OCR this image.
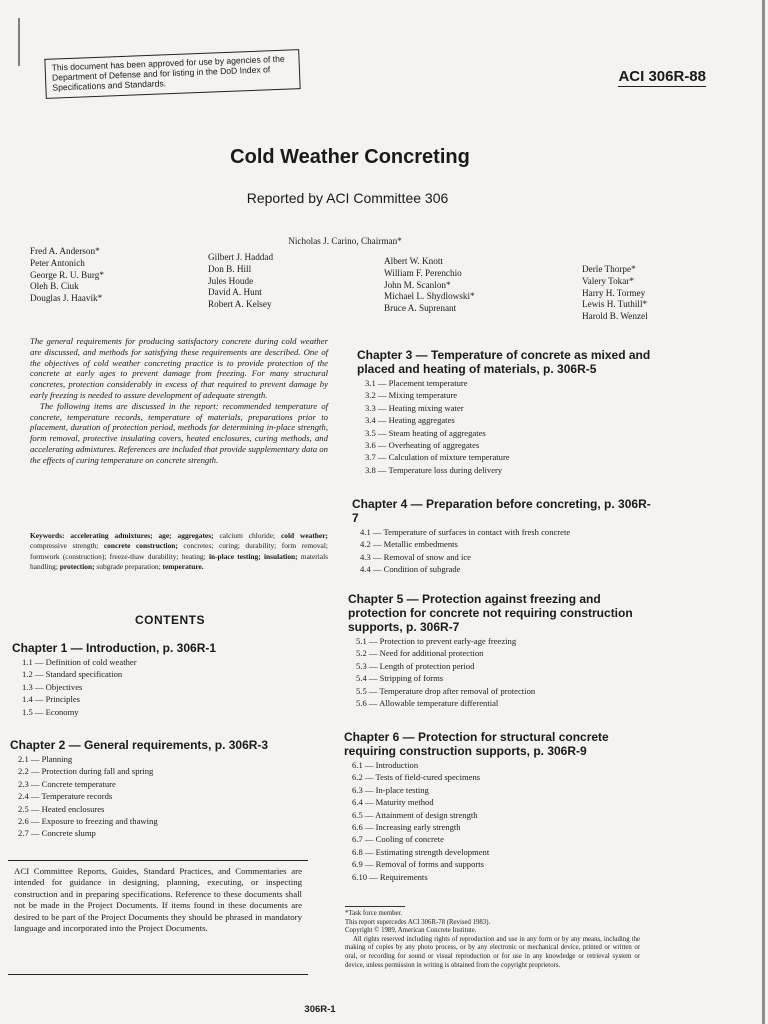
This document has been approved for use by agencies of the Department of Defense and for listing in the DoD Index of Specifications and Standards.
ACI 306R-88
Cold Weather Concreting
Reported by ACI Committee 306
Nicholas J. Carino, Chairman*
Fred A. Anderson*
Peter Antonich
George R. U. Burg*
Oleh B. Ciuk
Douglas J. Haavik*
Gilbert J. Haddad
Don B. Hill
Jules Houde
David A. Hunt
Robert A. Kelsey
Albert W. Knott
William F. Perenchio
John M. Scanlon*
Michael L. Shydlowski*
Bruce A. Suprenant
Derle Thorpe*
Valery Tokar*
Harry H. Tormey
Lewis H. Tuthill*
Harold B. Wenzel

The general requirements for producing satisfactory concrete during cold weather are discussed, and methods for satisfying these requirements are described. One of the objectives of cold weather concreting practice is to provide protection of the concrete at early ages to prevent damage from freezing. For many structural concretes, protection considerably in excess of that required to prevent damage by early freezing is needed to assure development of adequate strength.

The following items are discussed in the report: recommended temperature of concrete, temperature records, temperature of materials, preparations prior to placement, duration of protection period, methods for determining in-place strength, form removal, protective insulating covers, heated enclosures, curing methods, and accelerating admixtures. References are included that provide supplementary data on the effects of curing temperature on concrete strength.

Keywords: accelerating admixtures; age; aggregates; calcium chloride; cold weather; compressive strength; concrete construction; concretes; curing; durability; form removal; formwork (construction); freeze-thaw durability; heating; in-place testing; insulation; materials handling; protection; subgrade preparation; temperature.
CONTENTS
Chapter 1 — Introduction, p. 306R-1
1.1 — Definition of cold weather
1.2 — Standard specification
1.3 — Objectives
1.4 — Principles
1.5 — Economy
Chapter 2 — General requirements, p. 306R-3
2.1 — Planning
2.2 — Protection during fall and spring
2.3 — Concrete temperature
2.4 — Temperature records
2.5 — Heated enclosures
2.6 — Exposure to freezing and thawing
2.7 — Concrete slump
Chapter 3 — Temperature of concrete as mixed and placed and heating of materials, p. 306R-5
3.1 — Placement temperature
3.2 — Mixing temperature
3.3 — Heating mixing water
3.4 — Heating aggregates
3.5 — Steam heating of aggregates
3.6 — Overheating of aggregates
3.7 — Calculation of mixture temperature
3.8 — Temperature loss during delivery
Chapter 4 — Preparation before concreting, p. 306R-7
4.1 — Temperature of surfaces in contact with fresh concrete
4.2 — Metallic embedments
4.3 — Removal of snow and ice
4.4 — Condition of subgrade
Chapter 5 — Protection against freezing and protection for concrete not requiring construction supports, p. 306R-7
5.1 — Protection to prevent early-age freezing
5.2 — Need for additional protection
5.3 — Length of protection period
5.4 — Stripping of forms
5.5 — Temperature drop after removal of protection
5.6 — Allowable temperature differential
Chapter 6 — Protection for structural concrete requiring construction supports, p. 306R-9
6.1 — Introduction
6.2 — Tests of field-cured specimens
6.3 — In-place testing
6.4 — Maturity method
6.5 — Attainment of design strength
6.6 — Increasing early strength
6.7 — Cooling of concrete
6.8 — Estimating strength development
6.9 — Removal of forms and supports
6.10 — Requirements
ACI Committee Reports, Guides, Standard Practices, and Commentaries are intended for guidance in designing, planning, executing, or inspecting construction and in preparing specifications. Reference to these documents shall not be made in the Project Documents. If items found in these documents are desired to be part of the Project Documents they should be phrased in mandatory language and incorporated into the Project Documents.
*Task force member.
This report supercedes ACI 306R-78 (Revised 1983).
Copyright © 1989, American Concrete Institute.
All rights reserved including rights of reproduction and use in any form or by any means, including the making of copies by any photo process, or by any electronic or mechanical device, printed or written or oral, or recording for sound or visual reproduction or for use in any knowledge or retrieval system or device, unless permission in writing is obtained from the copyright proprietors.
306R-1
